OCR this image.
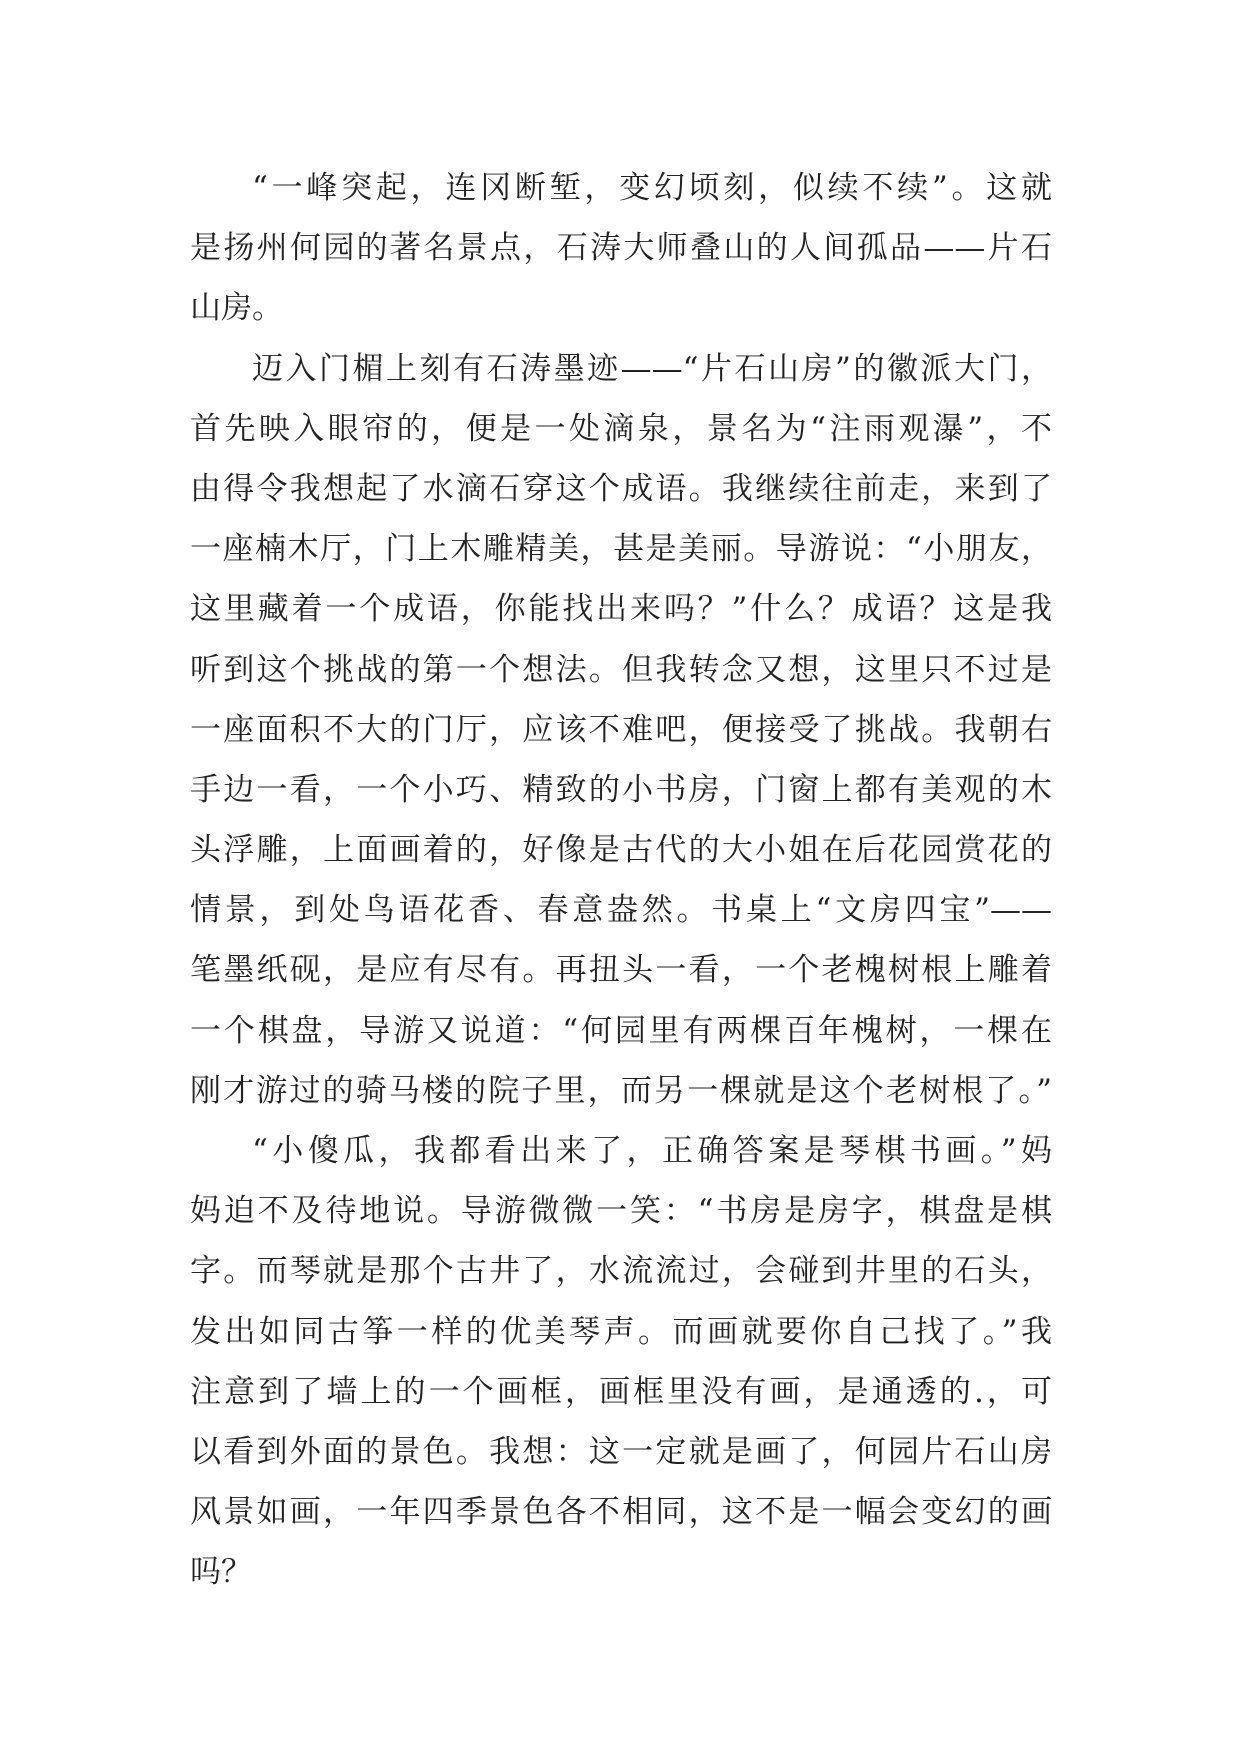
“一峰突起，连冈断堑，变幻顷刻，似续不续”。这就
是扬州何园的著名景点，石涛大师叠山的人间孤品——片石
山房。
迈入门楣上刻有石涛墨迹——“片石山房”的徽派大门，
首先映入眼帘的，便是一处滴泉，景名为“注雨观瀑”，不
由得令我想起了水滴石穿这个成语。我继续往前走，来到了
一座楠木厅，门上木雕精美，甚是美丽。导游说：“小朋友，
这里藏着一个成语，你能找出来吗？”什么？成语？这是我
听到这个挑战的第一个想法。但我转念又想，这里只不过是
一座面积不大的门厅，应该不难吧，便接受了挑战。我朝右
手边一看，一个小巧、精致的小书房，门窗上都有美观的木
头浮雕，上面画着的，好像是古代的大小姐在后花园赏花的
情景，到处鸟语花香、春意盎然。书桌上“文房四宝”——
笔墨纸砚，是应有尽有。再扭头一看，一个老槐树根上雕着
一个棋盘，导游又说道：“何园里有两棵百年槐树，一棵在
刚才游过的骑马楼的院子里，而另一棵就是这个老树根了。”
“小傻瓜，我都看出来了，正确答案是琴棋书画。”妈
妈迫不及待地说。导游微微一笑：“书房是房字，棋盘是棋
字。而琴就是那个古井了，水流流过，会碰到井里的石头，
发出如同古筝一样的优美琴声。而画就要你自己找了。”我
注意到了墙上的一个画框，画框里没有画，是通透的.，可
以看到外面的景色。我想：这一定就是画了，何园片石山房
风景如画，一年四季景色各不相同，这不是一幅会变幻的画
吗？
